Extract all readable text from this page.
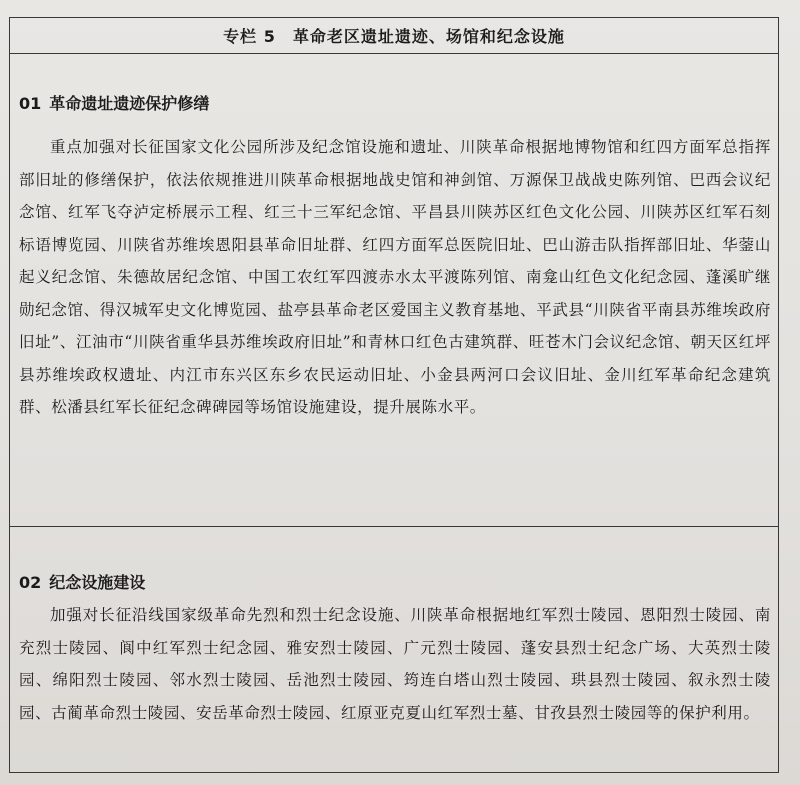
专栏 5　革命老区遗址遗迹、场馆和纪念设施
01 革命遗址遗迹保护修缮

重点加强对长征国家文化公园所涉及纪念馆设施和遗址、川陕革命根据地博物馆和红四方面军总指挥部旧址的修缮保护，依法依规推进川陕革命根据地战史馆和神剑馆、万源保卫战战史陈列馆、巴西会议纪念馆、红军飞夺泸定桥展示工程、红三十三军纪念馆、平昌县川陕苏区红色文化公园、川陕苏区红军石刻标语博览园、川陕省苏维埃恩阳县革命旧址群、红四方面军总医院旧址、巴山游击队指挥部旧址、华蓥山起义纪念馆、朱德故居纪念馆、中国工农红军四渡赤水太平渡陈列馆、南龛山红色文化纪念园、蓬溪旷继勋纪念馆、得汉城军史文化博览园、盐亭县革命老区爱国主义教育基地、平武县“川陕省平南县苏维埃政府旧址”、江油市“川陕省重华县苏维埃政府旧址”和青林口红色古建筑群、旺苍木门会议纪念馆、朝天区红坪县苏维埃政权遗址、内江市东兴区东乡农民运动旧址、小金县两河口会议旧址、金川红军革命纪念建筑群、松潘县红军长征纪念碑碑园等场馆设施建设，提升展陈水平。

02 纪念设施建设

加强对长征沿线国家级革命先烈和烈士纪念设施、川陕革命根据地红军烈士陵园、恩阳烈士陵园、南充烈士陵园、阆中红军烈士纪念园、雅安烈士陵园、广元烈士陵园、蓬安县烈士纪念广场、大英烈士陵园、绵阳烈士陵园、邻水烈士陵园、岳池烈士陵园、筠连白塔山烈士陵园、珙县烈士陵园、叙永烈士陵园、古蔺革命烈士陵园、安岳革命烈士陵园、红原亚克夏山红军烈士墓、甘孜县烈士陵园等的保护利用。
